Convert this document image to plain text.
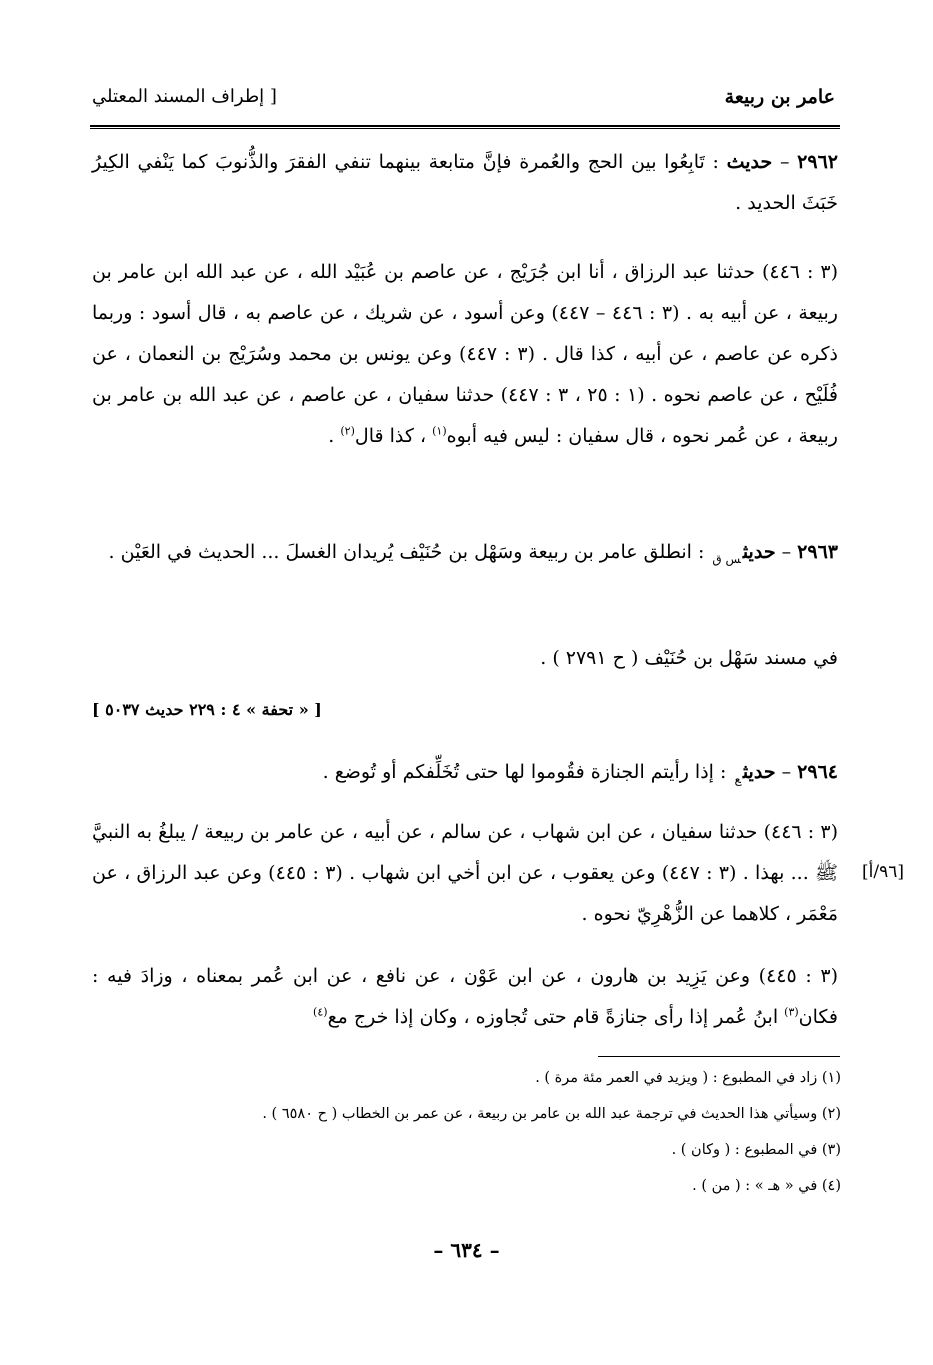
عامر بن ربيعة
[ إطراف المسند المعتلي
٢٩٦٢ – حديث : تَابِعُوا بين الحج والعُمرة فإنَّ متابعة بينهما تنفي الفقرَ والذُّنوبَ كما يَنْفي الكِيرُ خَبَثَ الحديد .
(٣ : ٤٤٦) حدثنا عبد الرزاق ، أنا ابن جُرَيْج ، عن عاصم بن عُبَيْد الله ، عن عبد الله ابن عامر بن ربيعة ، عن أبيه به . (٣ : ٤٤٦ – ٤٤٧) وعن أسود ، عن شريك ، عن عاصم به ، قال أسود : وربما ذكره عن عاصم ، عن أبيه ، كذا قال . (٣ : ٤٤٧) وعن يونس بن محمد وسُرَيْج بن النعمان ، عن فُلَيْح ، عن عاصم نحوه . (١ : ٢٥ ، ٣ : ٤٤٧) حدثنا سفيان ، عن عاصم ، عن عبد الله بن عامر بن ربيعة ، عن عُمر نحوه ، قال سفيان : ليس فيه أبوه$^{(١)}$ ، كذا قال$^{(٢)}$ .
٢٩٦٣ – حديث$_{س ق}$ : انطلق عامر بن ربيعة وسَهْل بن حُنَيْف يُريدان الغسلَ ... الحديث في العَيْن .
في مسند سَهْل بن حُنَيْف ( ح ٢٧٩١ ) .
[ « تحفة » ٤ : ٢٢٩ حديث ٥٠٣٧ ]
٢٩٦٤ – حديث$_ع$ : إذا رأيتم الجنازة فقُوموا لها حتى تُخَلِّفكم أو تُوضع .
(٣ : ٤٤٦) حدثنا سفيان ، عن ابن شهاب ، عن سالم ، عن أبيه ، عن عامر بن ربيعة / يبلغُ به النبيَّ ﷺ ... بهذا . (٣ : ٤٤٧) وعن يعقوب ، عن ابن أخي ابن شهاب . (٣ : ٤٤٥) وعن عبد الرزاق ، عن مَعْمَر ، كلاهما عن الزُّهْرِيّ نحوه .
[٩٦/أ]
(٣ : ٤٤٥) وعن يَزِيد بن هارون ، عن ابن عَوْن ، عن نافع ، عن ابن عُمر بمعناه ، وزادَ فيه : فكان$^{(٣)}$ ابنُ عُمر إذا رأى جنازةً قام حتى تُجاوزه ، وكان إذا خرج مع$^{(٤)}$
(١) زاد في المطبوع : ( ويزيد في العمر مئة مرة ) .
(٢) وسيأتي هذا الحديث في ترجمة عبد الله بن عامر بن ربيعة ، عن عمر بن الخطاب ( ح ٦٥٨٠ ) .
(٣) في المطبوع : ( وكان ) .
(٤) في « هـ » : ( من ) .
– ٦٣٤ –
